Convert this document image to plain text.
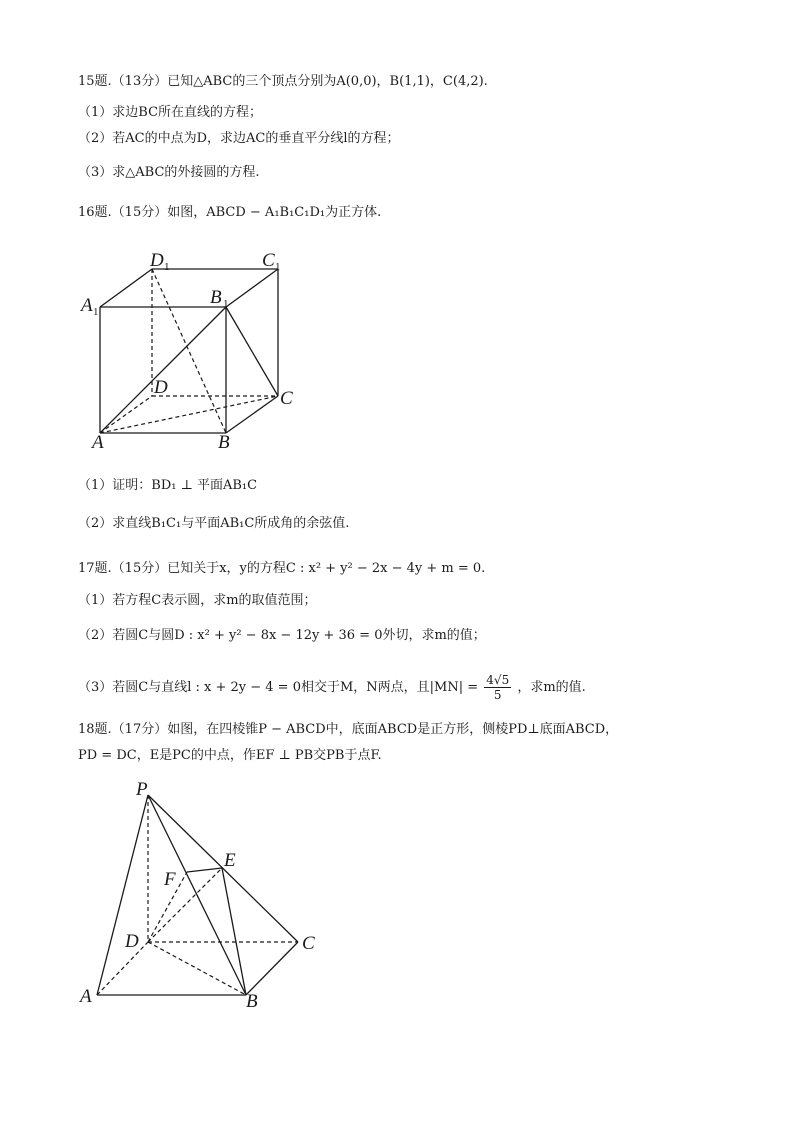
15题.（13分）已知△ABC的三个顶点分别为A(0,0)，B(1,1)，C(4,2).
（1）求边BC所在直线的方程；
（2）若AC的中点为D，求边AC的垂直平分线l的方程；
（3）求△ABC的外接圆的方程.
16题.（15分）如图，ABCD − A₁B₁C₁D₁为正方体.
D 1	C 1
A 1
B 1
D
C
A	B
P
E
F
D	C
A	B
（1）证明：BD₁ ⊥ 平面AB₁C
（2）求直线B₁C₁与平面AB₁C所成角的余弦值.
17题.（15分）已知关于x，y的方程C : x² + y² − 2x − 4y + m = 0.
（1）若方程C表示圆，求m的取值范围；
（2）若圆C与圆D : x² + y² − 8x − 12y + 36 = 0外切，求m的值；
（3）若圆C与直线l : x + 2y − 4 = 0相交于M，N两点，且$|MN| = \frac{4√5}{5}$ ，求m的值.
18题.（17分）如图，在四棱锥P − ABCD中，底面ABCD是正方形，侧棱PD⊥底面ABCD，
PD = DC，E是PC的中点，作EF ⊥ PB交PB于点F.
